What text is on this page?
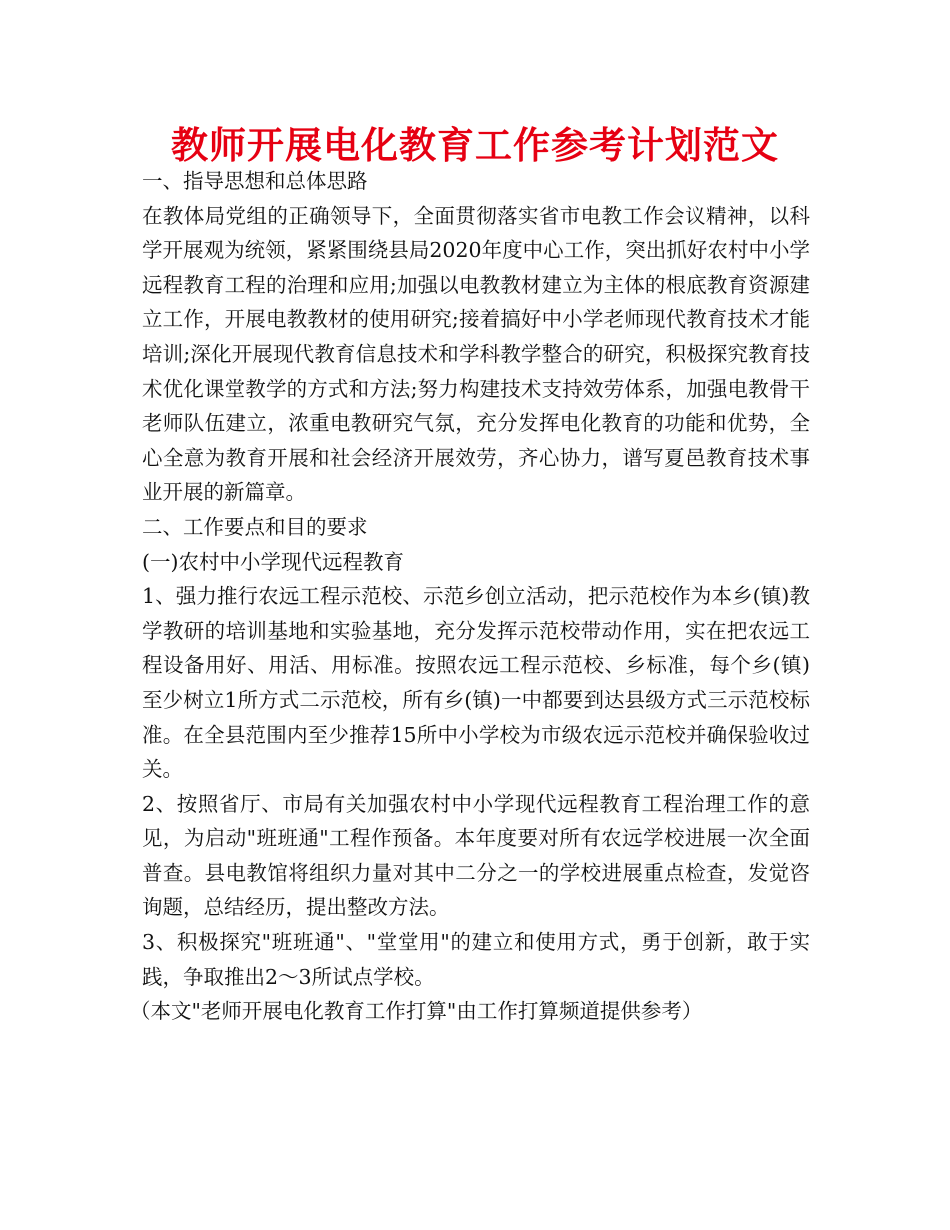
教师开展电化教育工作参考计划范文

一、指导思想和总体思路

在教体局党组的正确领导下，全面贯彻落实省市电教工作会议精神，以科学开展观为统领，紧紧围绕县局2020年度中心工作，突出抓好农村中小学远程教育工程的治理和应用;加强以电教教材建立为主体的根底教育资源建立工作，开展电教教材的使用研究;接着搞好中小学老师现代教育技术才能培训;深化开展现代教育信息技术和学科教学整合的研究，积极探究教育技术优化课堂教学的方式和方法;努力构建技术支持效劳体系，加强电教骨干老师队伍建立，浓重电教研究气氛，充分发挥电化教育的功能和优势，全心全意为教育开展和社会经济开展效劳，齐心协力，谱写夏邑教育技术事业开展的新篇章。

二、工作要点和目的要求

(一)农村中小学现代远程教育

1、强力推行农远工程示范校、示范乡创立活动，把示范校作为本乡(镇)教学教研的培训基地和实验基地，充分发挥示范校带动作用，实在把农远工程设备用好、用活、用标准。按照农远工程示范校、乡标准，每个乡(镇)至少树立1所方式二示范校，所有乡(镇)一中都要到达县级方式三示范校标准。在全县范围内至少推荐15所中小学校为市级农远示范校并确保验收过关。

2、按照省厅、市局有关加强农村中小学现代远程教育工程治理工作的意见，为启动"班班通"工程作预备。本年度要对所有农远学校进展一次全面普查。县电教馆将组织力量对其中二分之一的学校进展重点检查，发觉咨询题，总结经历，提出整改方法。

3、积极探究"班班通"、"堂堂用"的建立和使用方式，勇于创新，敢于实践，争取推出2～3所试点学校。

（本文"老师开展电化教育工作打算"由工作打算频道提供参考）
